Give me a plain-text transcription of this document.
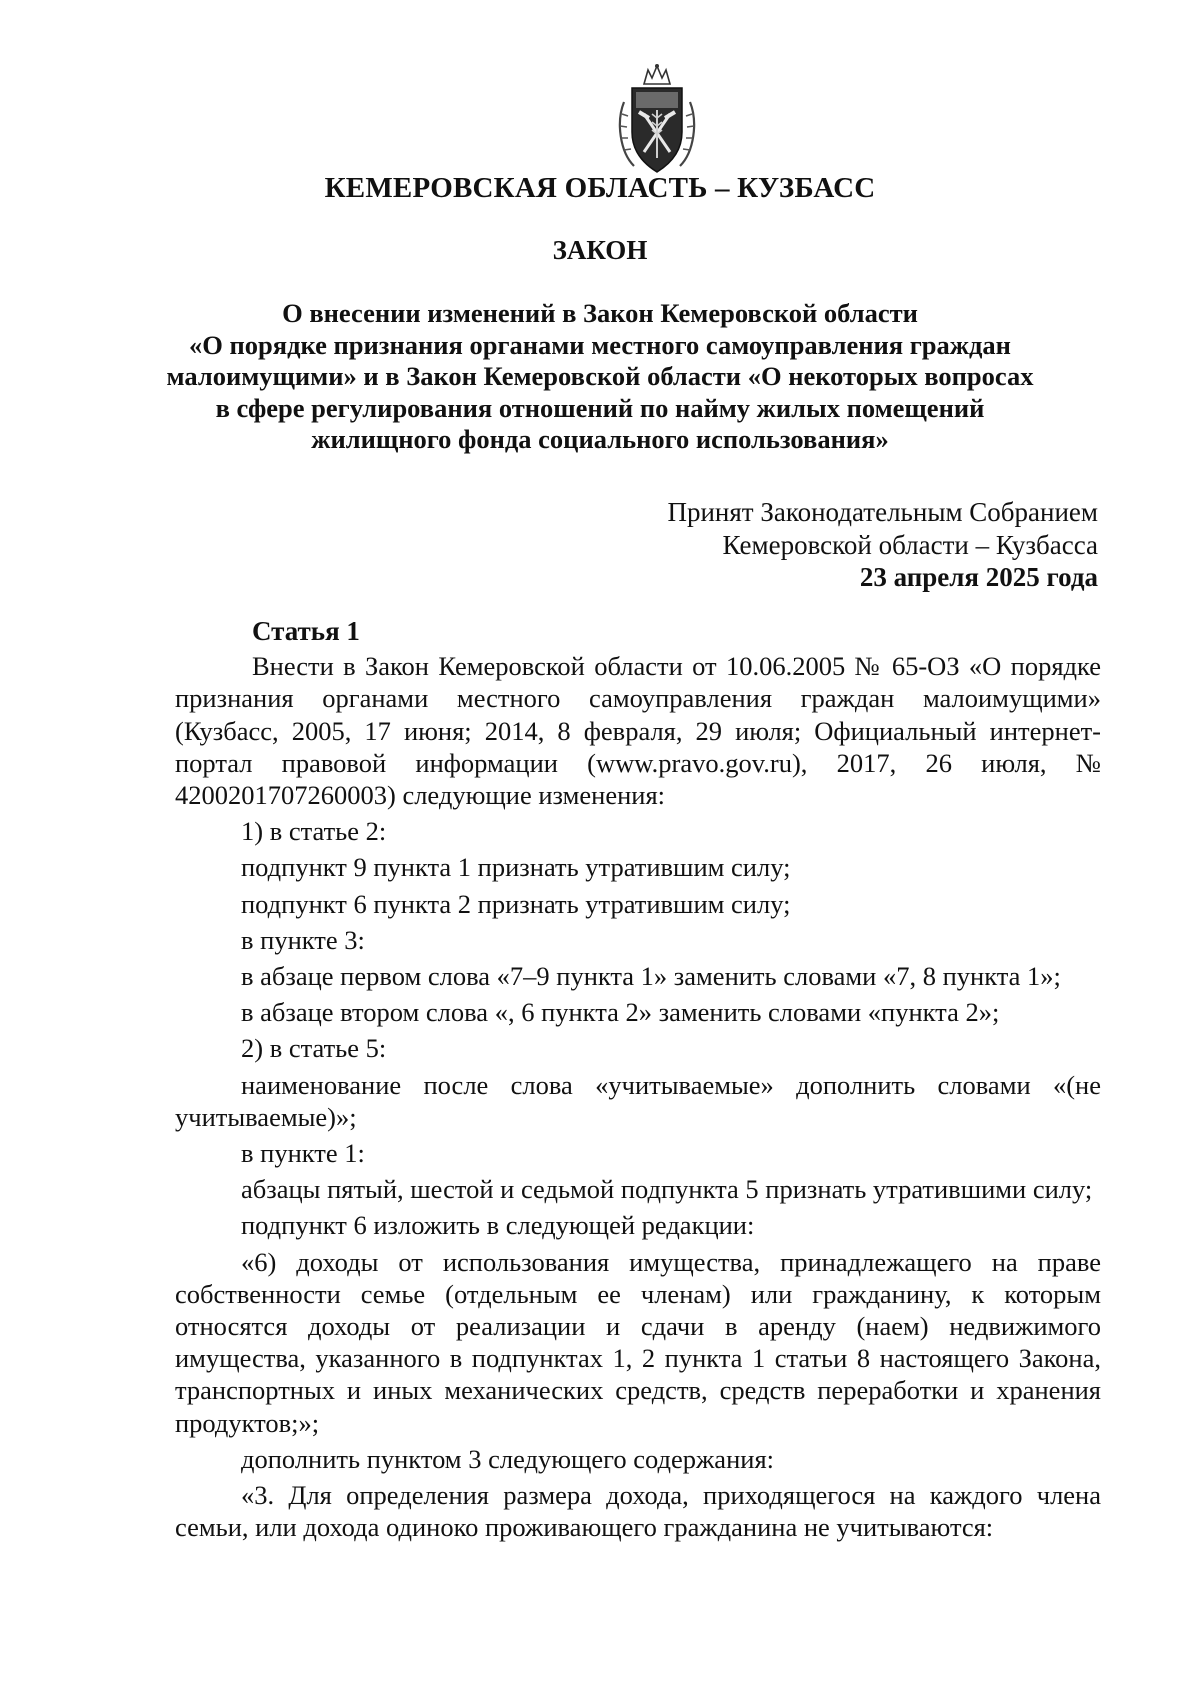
КЕМЕРОВСКАЯ ОБЛАСТЬ – КУЗБАСС
ЗАКОН
О внесении изменений в Закон Кемеровской области
«О порядке признания органами местного самоуправления граждан
малоимущими» и в Закон Кемеровской области «О некоторых вопросах
в сфере регулирования отношений по найму жилых помещений
жилищного фонда социального использования»
Принят Законодательным Собранием
Кемеровской области – Кузбасса
23 апреля 2025 года
Статья 1

Внести в Закон Кемеровской области от 10.06.2005 № 65-ОЗ «О порядке признания органами местного самоуправления граждан малоимущими» (Кузбасс, 2005, 17 июня; 2014, 8 февраля, 29 июля; Официальный интернет-портал правовой информации (www.pravo.gov.ru), 2017, 26 июля, № 4200201707260003) следующие изменения:

1) в статье 2:

подпункт 9 пункта 1 признать утратившим силу;

подпункт 6 пункта 2 признать утратившим силу;

в пункте 3:

в абзаце первом слова «7–9 пункта 1» заменить словами «7, 8 пункта 1»;

в абзаце втором слова «, 6 пункта 2» заменить словами «пункта 2»;

2) в статье 5:

наименование после слова «учитываемые» дополнить словами «(не учитываемые)»;

в пункте 1:

абзацы пятый, шестой и седьмой подпункта 5 признать утратившими силу;

подпункт 6 изложить в следующей редакции:

«6) доходы от использования имущества, принадлежащего на праве собственности семье (отдельным ее членам) или гражданину, к которым относятся доходы от реализации и сдачи в аренду (наем) недвижимого имущества, указанного в подпунктах 1, 2 пункта 1 статьи 8 настоящего Закона, транспортных и иных механических средств, средств переработки и хранения продуктов;»;

дополнить пунктом 3 следующего содержания:

«3. Для определения размера дохода, приходящегося на каждого члена семьи, или дохода одиноко проживающего гражданина не учитываются:
